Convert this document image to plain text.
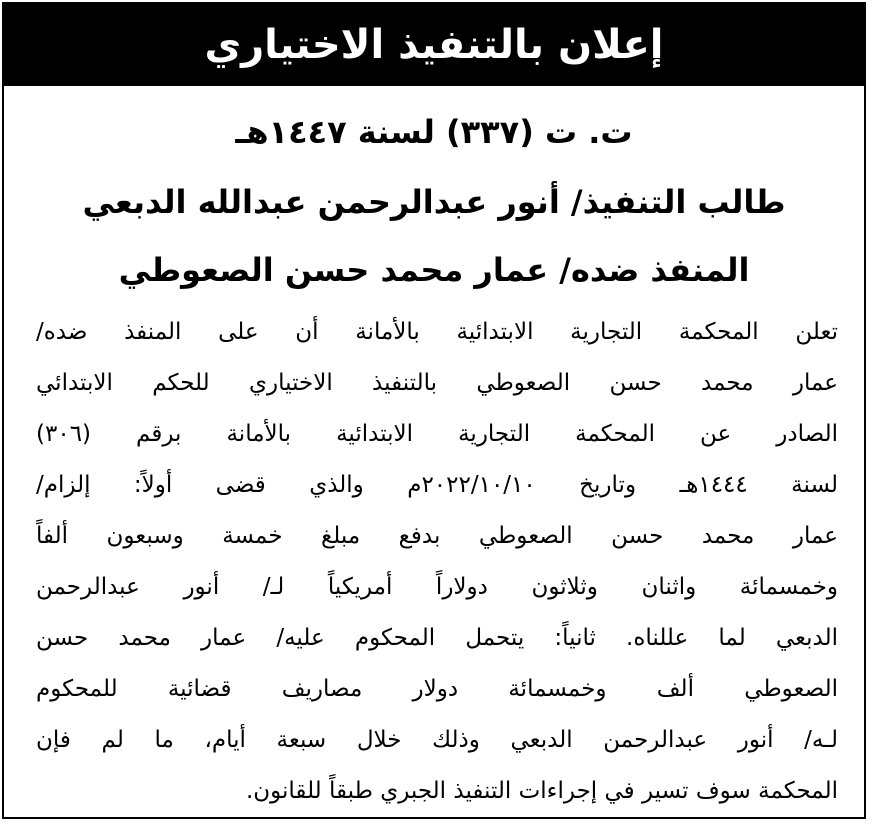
إعلان بالتنفيذ الاختياري
ت. ت (٣٣٧) لسنة ١٤٤٧هـ
طالب التنفيذ/ أنور عبدالرحمن عبدالله الدبعي
المنفذ ضده/ عمار محمد حسن الصعوطي
تعلن المحكمة التجارية الابتدائية بالأمانة أن على المنفذ ضده/
عمار محمد حسن الصعوطي بالتنفيذ الاختياري للحكم الابتدائي
الصادر عن المحكمة التجارية الابتدائية بالأمانة برقم (٣٠٦)
لسنة ١٤٤٤هـ وتاريخ ٢٠٢٢/١٠/١٠م والذي قضى أولاً: إلزام/
عمار محمد حسن الصعوطي بدفع مبلغ خمسة وسبعون ألفاً
وخمسمائة واثنان وثلاثون دولاراً أمريكياً لـ/ أنور عبدالرحمن
الدبعي لما عللناه. ثانياً: يتحمل المحكوم عليه/ عمار محمد حسن
الصعوطي ألف وخمسمائة دولار مصاريف قضائية للمحكوم
لـه/ أنور عبدالرحمن الدبعي وذلك خلال سبعة أيام، ما لم فإن
المحكمة سوف تسير في إجراءات التنفيذ الجبري طبقاً للقانون.
